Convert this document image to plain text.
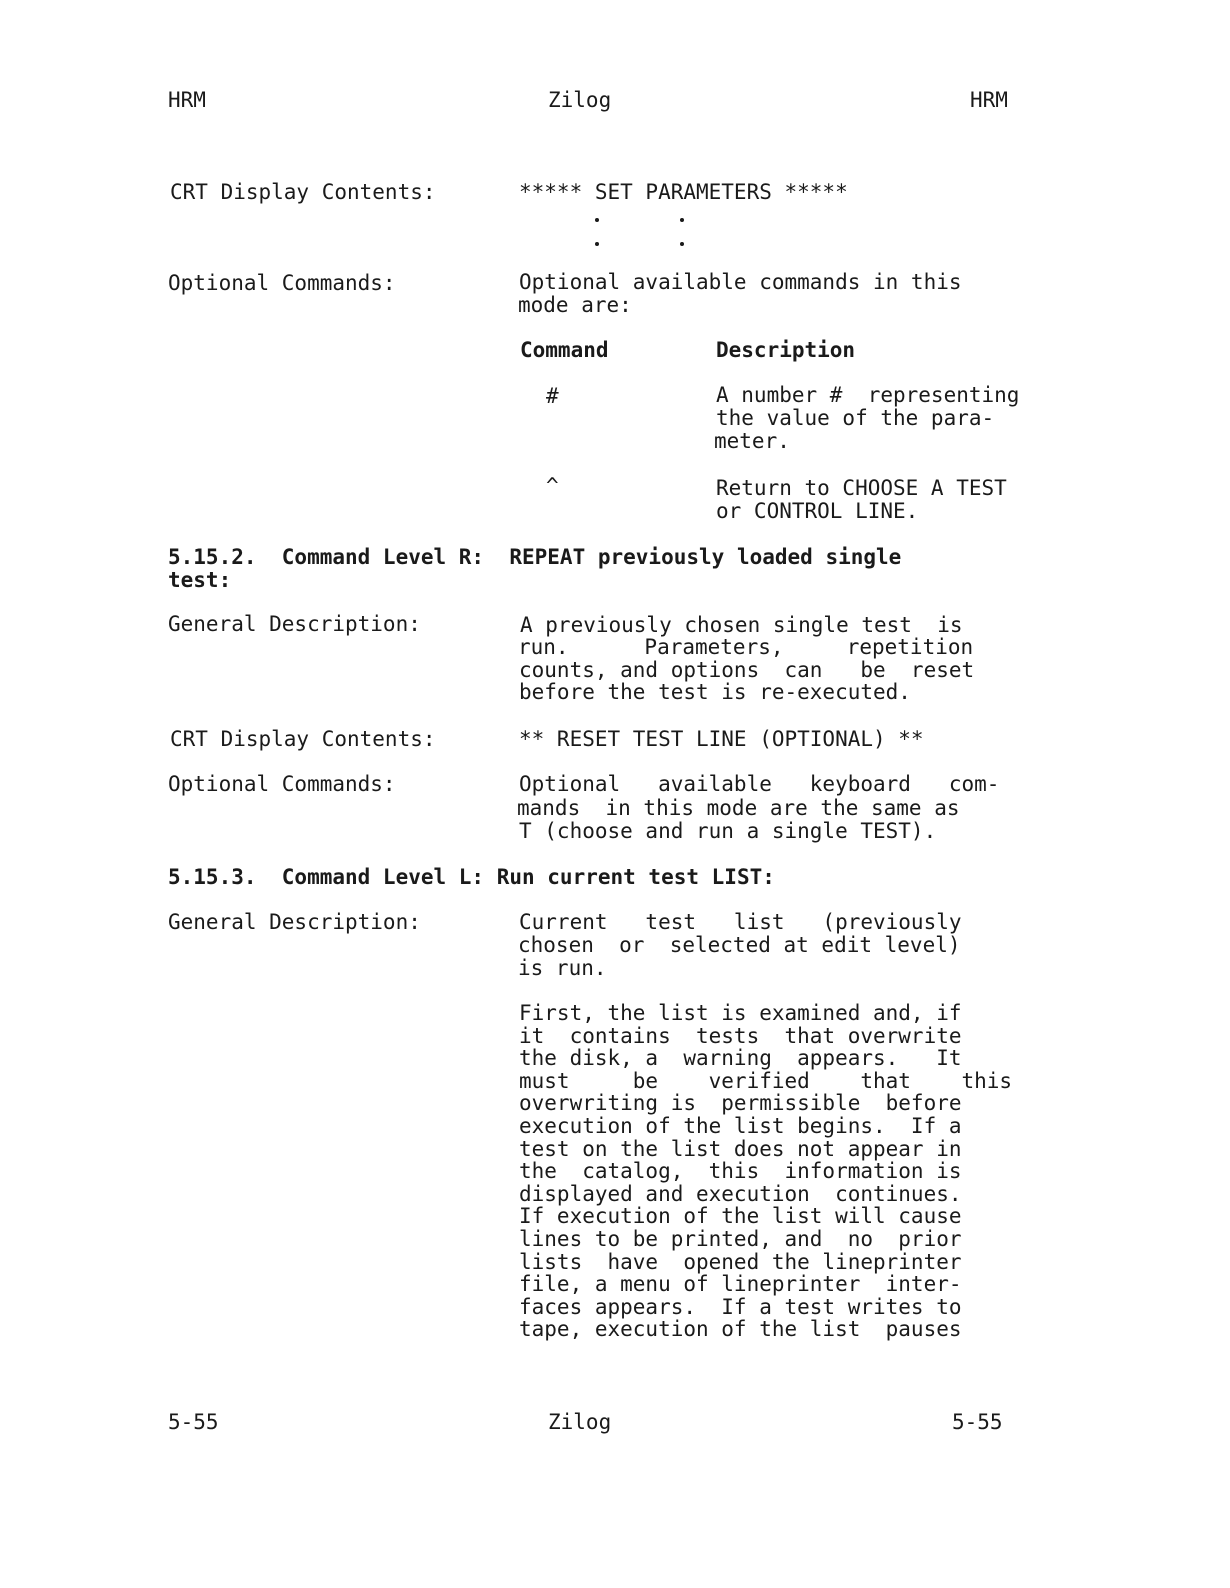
HRM	Zilog	HRM
CRT Display Contents:	***** SET PARAMETERS *****
Optional Commands:	Optional available commands in this
mode are:
Command	Description
#	A number #  representing
the value of the para-
meter.
^	Return to CHOOSE A TEST
or CONTROL LINE.
5.15.2.  Command Level R:  REPEAT previously loaded single
test:
General Description:	A previously chosen single test  is
run.      Parameters,     repetition
counts, and options  can   be  reset
before the test is re-executed.
CRT Display Contents:	** RESET TEST LINE (OPTIONAL) **
Optional Commands:	Optional   available   keyboard   com-
mands  in this mode are the same as
T (choose and run a single TEST).
5.15.3.  Command Level L: Run current test LIST:
General Description:	Current   test   list   (previously
chosen  or  selected at edit level)
is run.
First, the list is examined and, if
it  contains  tests  that overwrite
the disk, a  warning  appears.   It
must     be    verified    that    this
overwriting is  permissible  before
execution of the list begins.  If a
test on the list does not appear in
the  catalog,  this  information is
displayed and execution  continues.
If execution of the list will cause
lines to be printed, and  no  prior
lists  have  opened the lineprinter
file, a menu of lineprinter  inter-
faces appears.  If a test writes to
tape, execution of the list  pauses
5-55	Zilog	5-55
